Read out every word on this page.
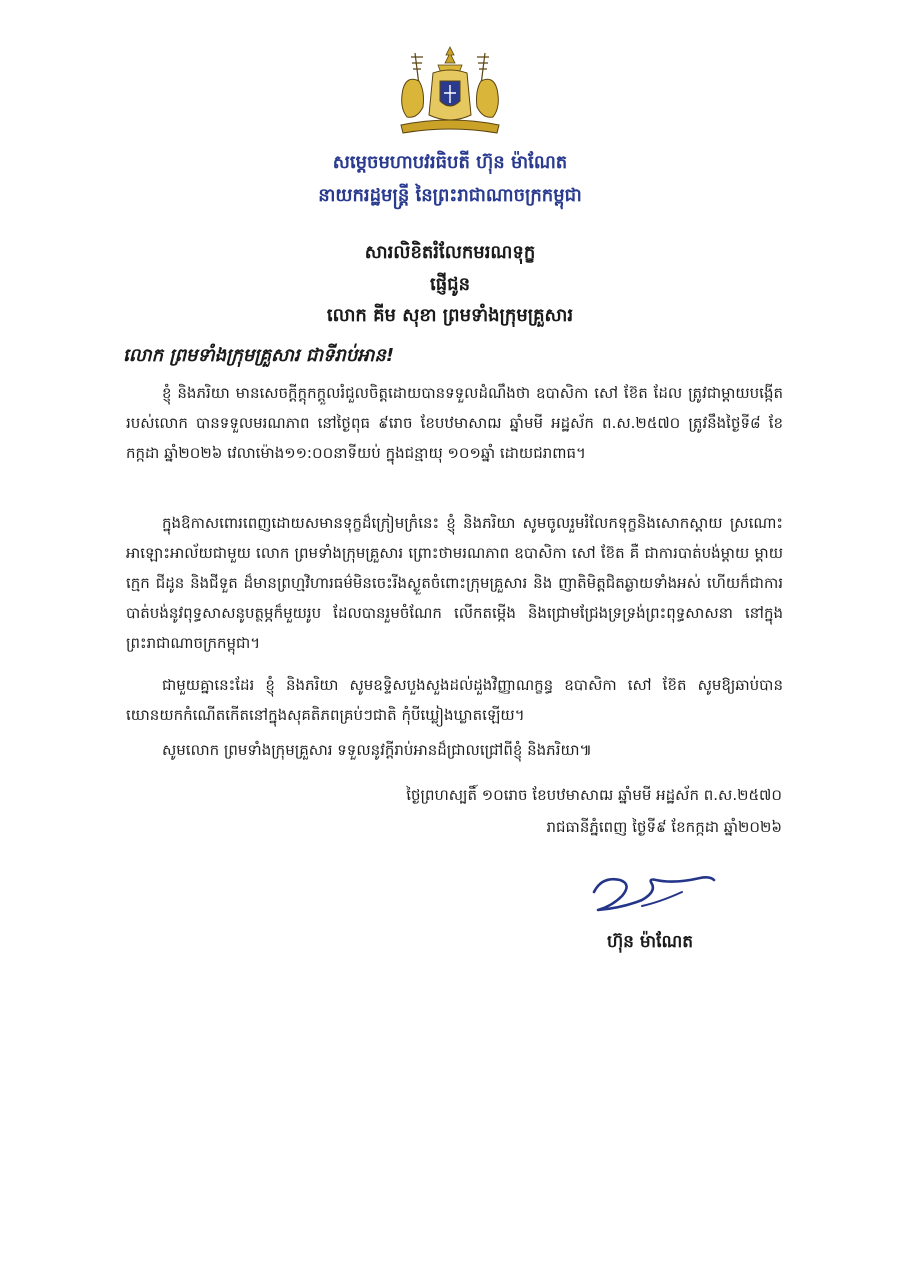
សម្តេចមហាបវរធិបតី ហ៊ុន ម៉ាណែត
នាយករដ្ឋមន្ត្រី នៃព្រះរាជាណាចក្រកម្ពុជា
សារលិខិតរំលែកមរណទុក្ខ
ផ្ញើជូន
លោក គីម សុខា ព្រមទាំងក្រុមគ្រួសារ
លោក ព្រមទាំងក្រុមគ្រួសារ ជាទីរាប់អាន!
ខ្ញុំ និងភរិយា មានសេចក្តីក្តុកក្តួលរំជួលចិត្តដោយបានទទួលដំណឹងថា ឧបាសិកា សៅ ខ៊ែត ដែល ត្រូវជាម្តាយបង្កើតរបស់លោក បានទទួលមរណភាព នៅថ្ងៃពុធ ៩រោច ខែបឋមាសាឍ ឆ្នាំមមី អដ្ឋស័ក ព.ស.២៥៧០ ត្រូវនឹងថ្ងៃទី៨ ខែកក្កដា ឆ្នាំ២០២៦ វេលាម៉ោង១១:០០នាទីយប់ ក្នុងជន្មាយុ ១០១ឆ្នាំ ដោយជរាពាធ។
ក្នុងឱកាសពោរពេញដោយសមានទុក្ខដ៏ក្រៀមក្រំនេះ ខ្ញុំ និងភរិយា សូមចូលរួមរំលែកទុក្ខនិងសោកស្តាយ ស្រណោះអាឡោះអាល័យជាមួយ លោក ព្រមទាំងក្រុមគ្រួសារ ព្រោះថាមរណភាព ឧបាសិកា សៅ ខ៊ែត គឺ ជាការបាត់បង់ម្តាយ ម្តាយក្មេក ជីដូន និងជីទួត ដ៏មានព្រហ្មវិហារធម៌មិនចេះរីងស្ងួតចំពោះក្រុមគ្រួសារ និង ញាតិមិត្តជិតឆ្ងាយទាំងអស់ ហើយក៏ជាការបាត់បង់នូវពុទ្ធសាសនូបត្ថម្ភក៏មួយរូប ដែលបានរួមចំណែក លើកតម្កើង និងជ្រោមជ្រែងទ្រទ្រង់ព្រះពុទ្ធសាសនា នៅក្នុងព្រះរាជាណាចក្រកម្ពុជា។
ជាមួយគ្នានេះដែរ ខ្ញុំ និងភរិយា សូមឧទ្ទិសបួងសួងដល់ដួងវិញ្ញាណក្ខន្ធ ឧបាសិកា សៅ ខ៊ែត សូមឱ្យឆាប់បានយោនយកកំណើតកើតនៅក្នុងសុគតិភពគ្រប់ៗជាតិ កុំបីឃ្លៀងឃ្លាតឡើយ។
សូមលោក ព្រមទាំងក្រុមគ្រួសារ ទទួលនូវក្តីរាប់អានដ៏ជ្រាលជ្រៅពីខ្ញុំ និងភរិយា៕
ថ្ងៃព្រហស្បតិ៍ ១០រោច ខែបឋមាសាឍ ឆ្នាំមមី អដ្ឋស័ក ព.ស.២៥៧០
រាជធានីភ្នំពេញ ថ្ងៃទី៩ ខែកក្កដា ឆ្នាំ២០២៦
ហ៊ុន ម៉ាណែត
